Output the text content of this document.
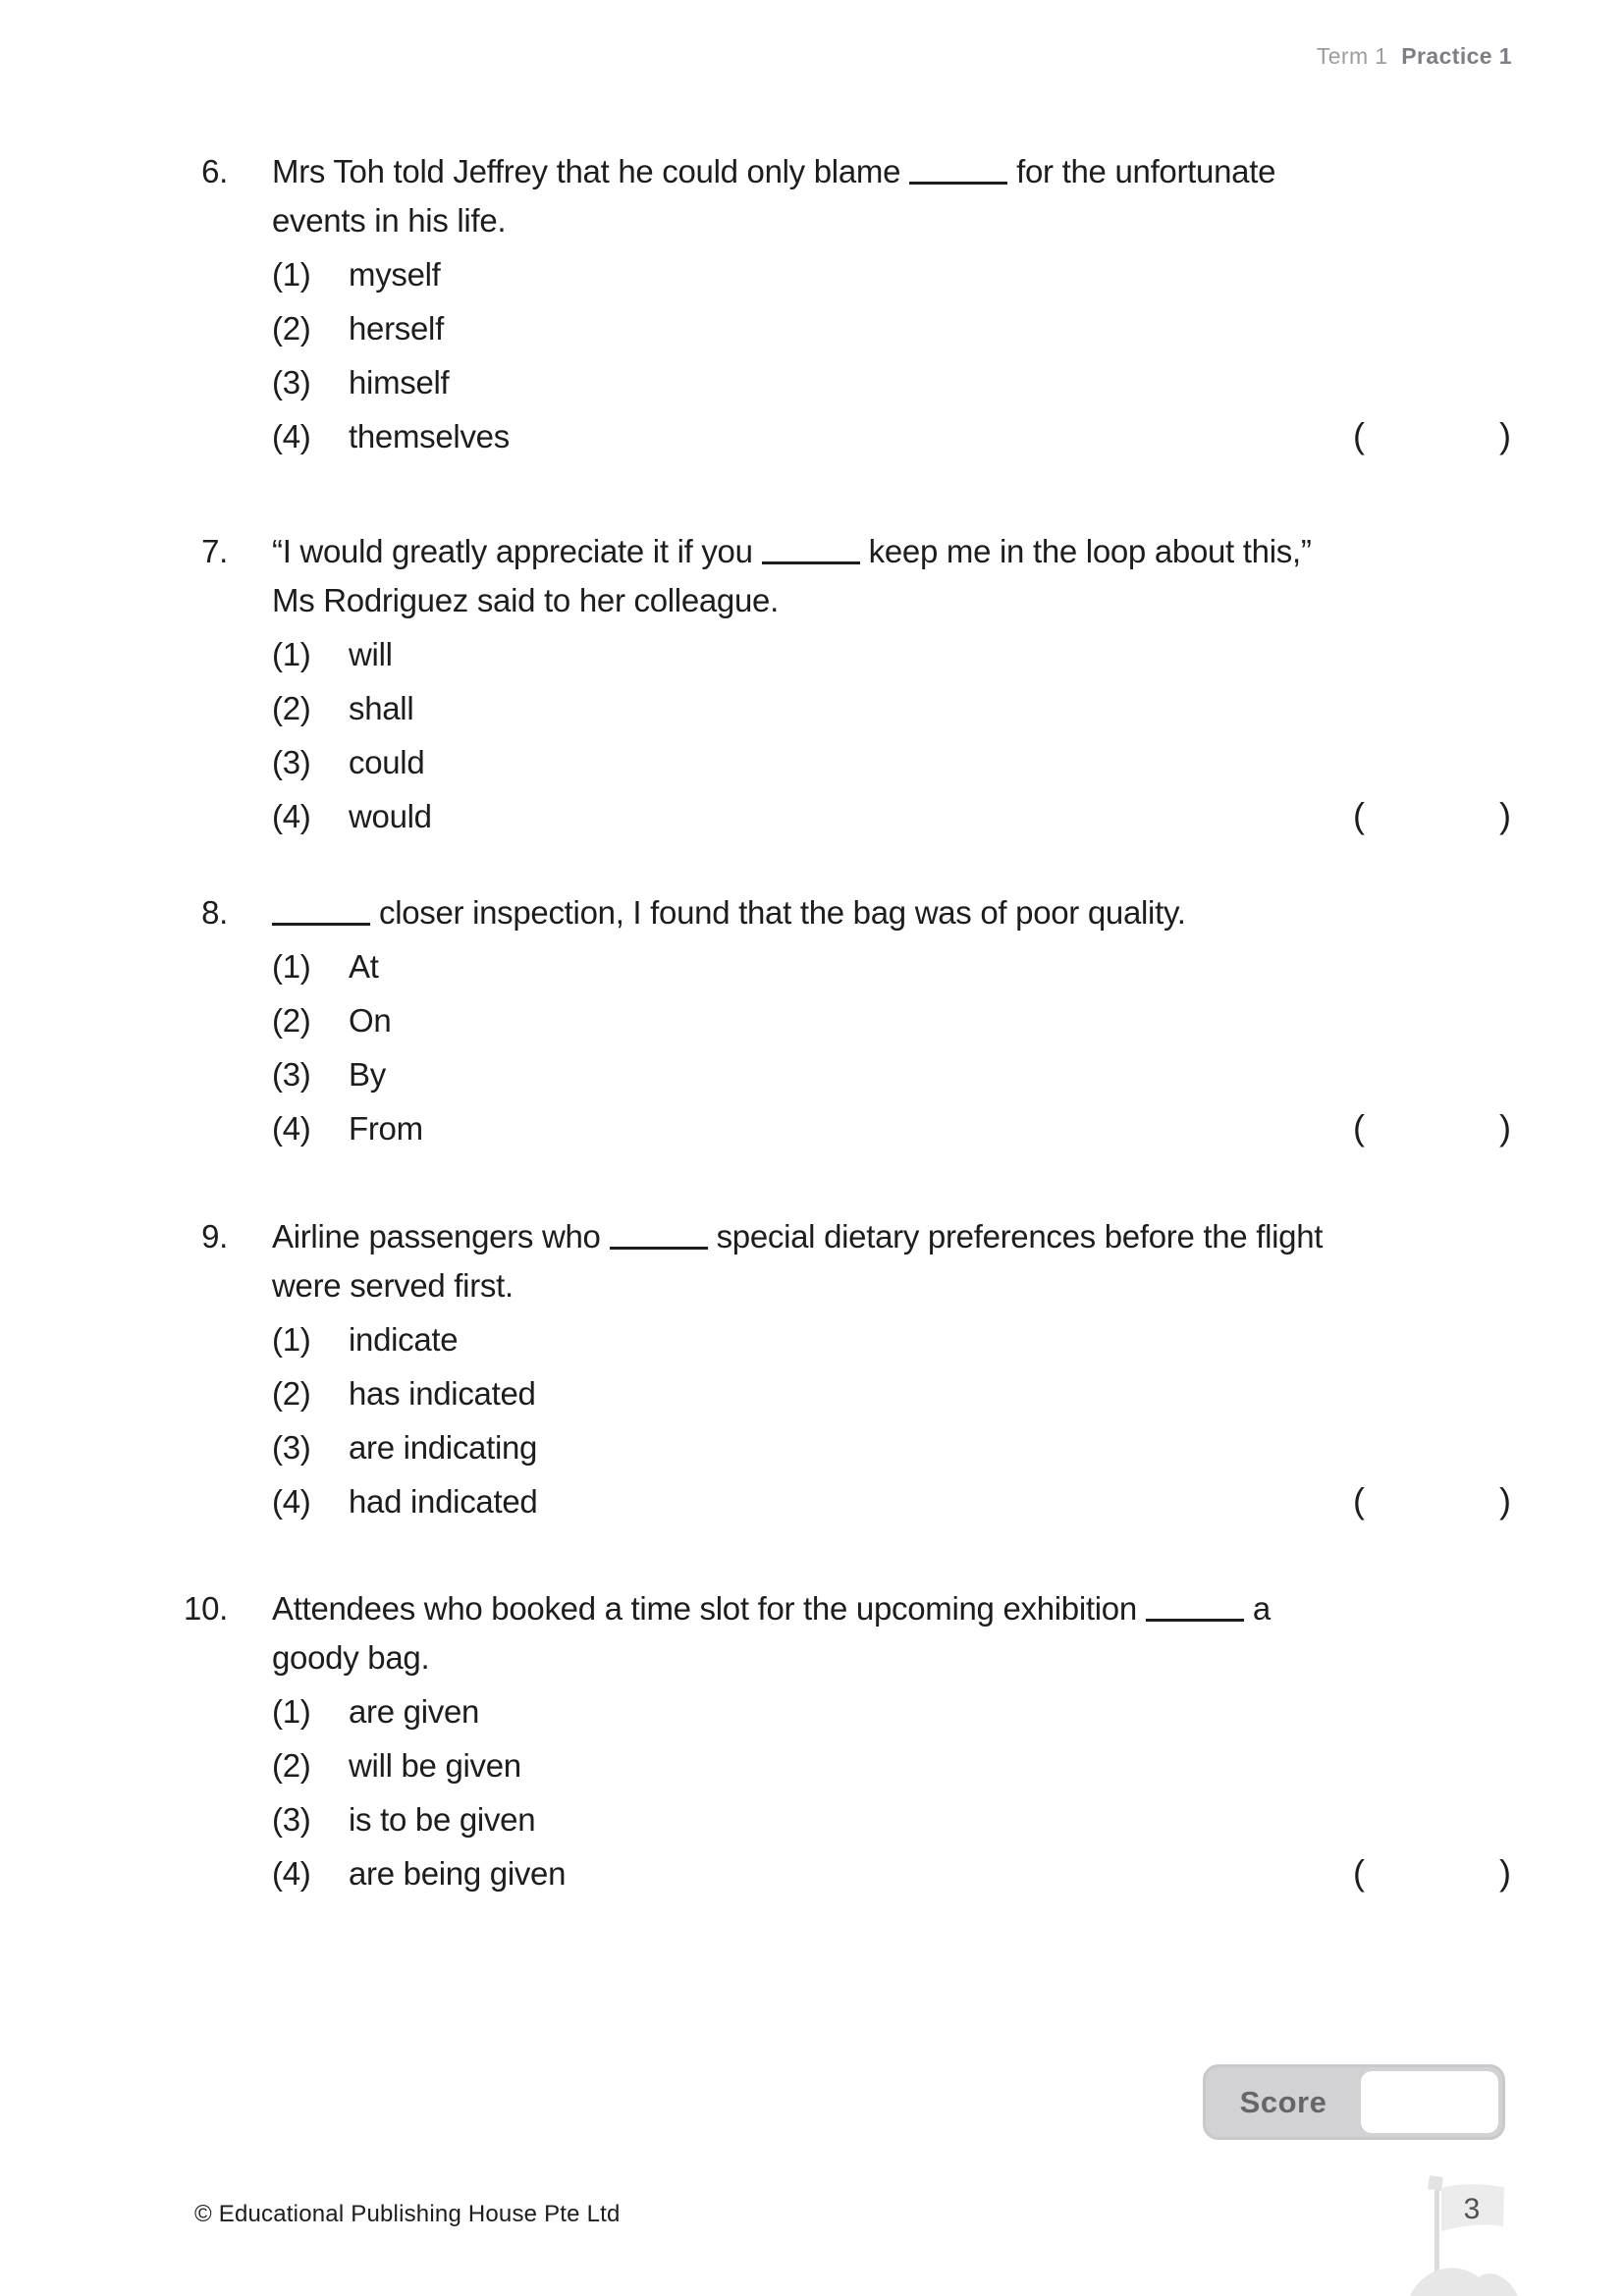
Term 1 Practice 1
6. Mrs Toh told Jeffrey that he could only blame	for the unfortunate
events in his life.
(1)	myself
(2)	herself
(3)	himself
(4)	themselves	(	)
7. “I would greatly appreciate it if you	keep me in the loop about this,”
Ms Rodriguez said to her colleague.
(1)	will
(2)	shall
(3)	could
(4)	would	(	)
8.	closer inspection, I found that the bag was of poor quality.
(1)	At
(2)	On
(3)	By
(4)	From	(	)
9. Airline passengers who	special dietary preferences before the flight
were served first.
(1)	indicate
(2)	has indicated
(3)	are indicating
(4)	had indicated	(	)
10. Attendees who booked a time slot for the upcoming exhibition	a
goody bag.
(1)	are given
(2)	will be given
(3)	is to be given
(4)	are being given	(	)
Score
© Educational Publishing House Pte Ltd	3
